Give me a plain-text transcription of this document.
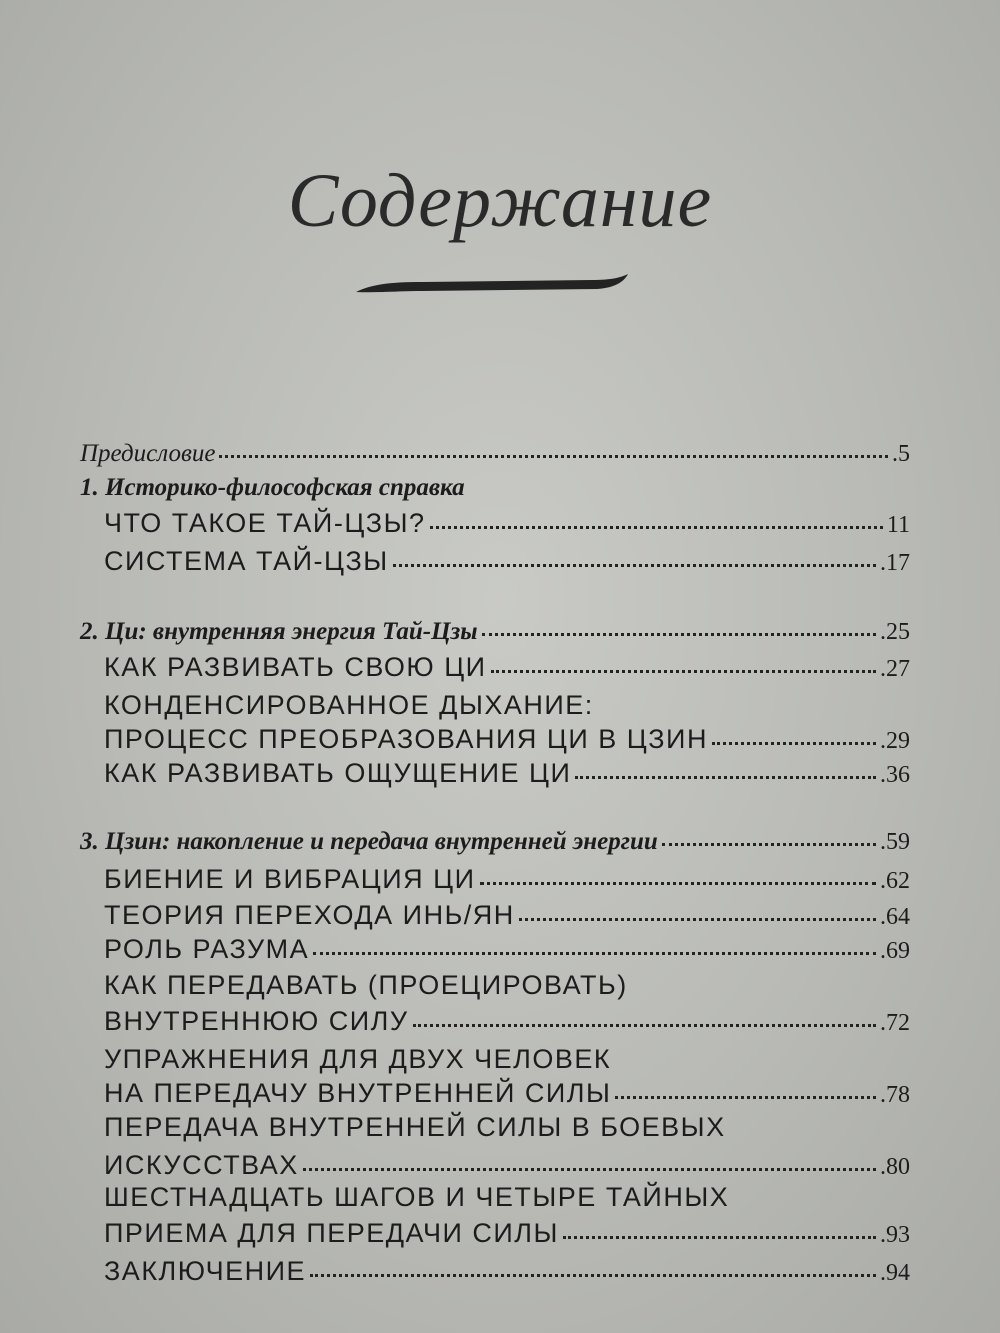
Содержание
Предисловие	.5
1. Историко-философская справка
ЧТО ТАКОЕ ТАЙ-ЦЗЫ?	11
СИСТЕМА ТАЙ-ЦЗЫ	.17
2. Ци: внутренняя энергия Тай-Цзы	.25
КАК РАЗВИВАТЬ СВОЮ ЦИ	.27
КОНДЕНСИРОВАННОЕ ДЫХАНИЕ:
ПРОЦЕСС ПРЕОБРАЗОВАНИЯ ЦИ В ЦЗИН	.29
КАК РАЗВИВАТЬ ОЩУЩЕНИЕ ЦИ	.36
3. Цзин: накопление и передача внутренней энергии	.59
БИЕНИЕ И ВИБРАЦИЯ ЦИ	.62
ТЕОРИЯ ПЕРЕХОДА ИНЬ/ЯН	.64
РОЛЬ РАЗУМА	.69
КАК ПЕРЕДАВАТЬ (ПРОЕЦИРОВАТЬ)
ВНУТРЕННЮЮ СИЛУ	.72
УПРАЖНЕНИЯ ДЛЯ ДВУХ ЧЕЛОВЕК
НА ПЕРЕДАЧУ ВНУТРЕННЕЙ СИЛЫ	.78
ПЕРЕДАЧА ВНУТРЕННЕЙ СИЛЫ В БОЕВЫХ
ИСКУССТВАХ	.80
ШЕСТНАДЦАТЬ ШАГОВ И ЧЕТЫРЕ ТАЙНЫХ
ПРИЕМА ДЛЯ ПЕРЕДАЧИ СИЛЫ	.93
ЗАКЛЮЧЕНИЕ	.94
